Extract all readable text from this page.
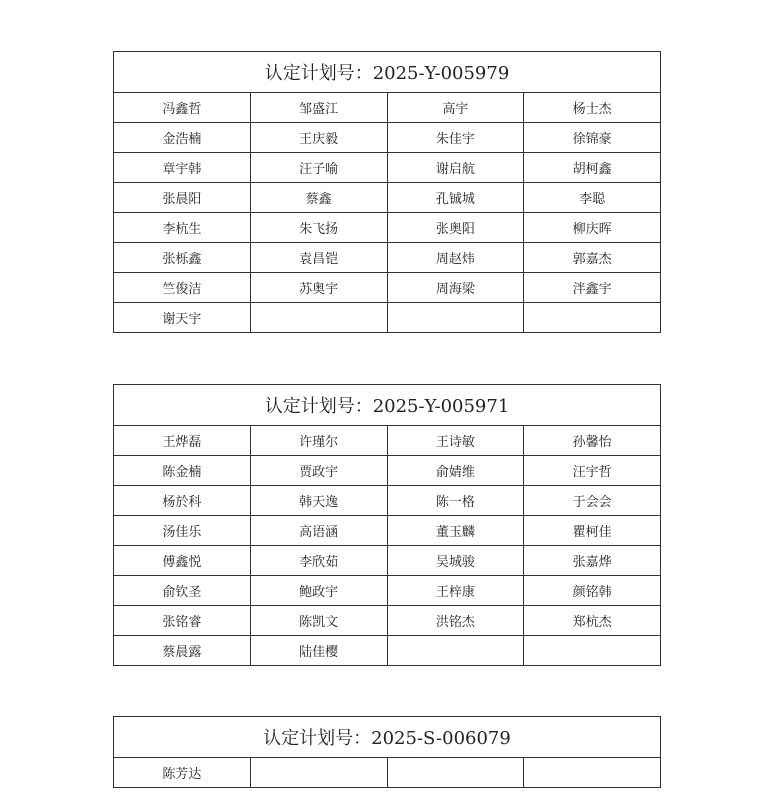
认定计划号：2025-Y-005979			
冯鑫哲	邹盛江	高宇	杨士杰
金浩楠	王庆毅	朱佳宇	徐锦豪
章宇韩	汪子喻	谢启航	胡柯鑫
张晨阳	蔡鑫	孔铖城	李聪
李杭生	朱飞扬	张奥阳	柳庆晖
张栎鑫	袁昌铠	周赵炜	郭嘉杰
竺俊洁	苏奥宇	周海梁	泮鑫宇
谢天宇			
认定计划号：2025-Y-005971			
王烨磊	许瑾尔	王诗敏	孙馨怡
陈金楠	贾政宇	俞婧维	汪宇哲
杨於科	韩天逸	陈一格	于会会
汤佳乐	高语涵	董玉麟	瞿柯佳
傅鑫悦	李欣茹	吴城骏	张嘉烨
俞钦圣	鲍政宇	王梓康	颜铭韩
张铭睿	陈凯文	洪铭杰	郑杭杰
蔡晨露	陆佳樱		
认定计划号：2025-S-006079
陈芳达			
